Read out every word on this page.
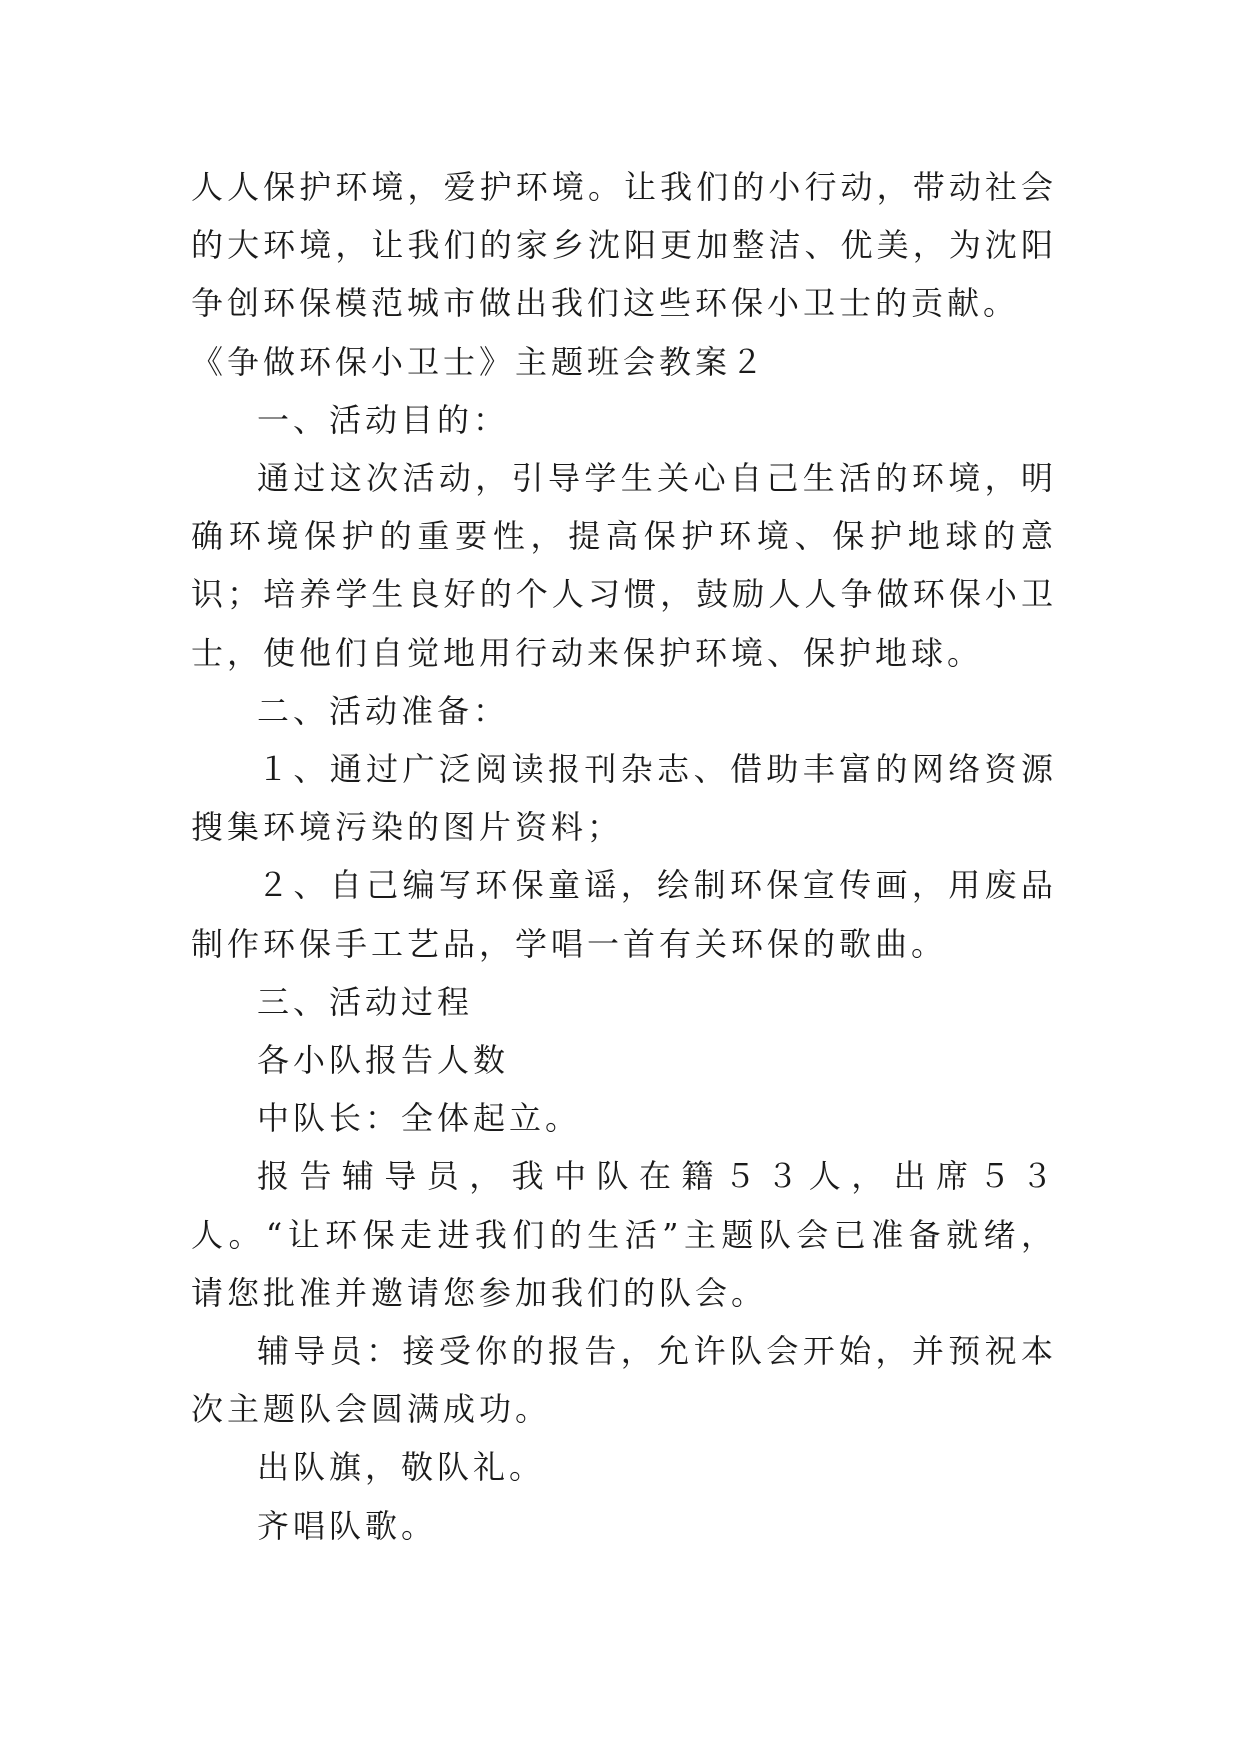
人人保护环境，爱护环境。让我们的小行动，带动社会的大环境，让我们的家乡沈阳更加整洁、优美，为沈阳争创环保模范城市做出我们这些环保小卫士的贡献。

《争做环保小卫士》主题班会教案２

一、活动目的：

通过这次活动，引导学生关心自己生活的环境，明确环境保护的重要性，提高保护环境、保护地球的意识；培养学生良好的个人习惯，鼓励人人争做环保小卫士，使他们自觉地用行动来保护环境、保护地球。

二、活动准备：

１、通过广泛阅读报刊杂志、借助丰富的网络资源搜集环境污染的图片资料；

２、自己编写环保童谣，绘制环保宣传画，用废品制作环保手工艺品，学唱一首有关环保的歌曲。

三、活动过程

各小队报告人数

中队长：全体起立。

报告辅导员，我中队在籍５３人，出席５３人。“让环保走进我们的生活”主题队会已准备就绪，请您批准并邀请您参加我们的队会。

辅导员：接受你的报告，允许队会开始，并预祝本次主题队会圆满成功。

出队旗，敬队礼。

齐唱队歌。
